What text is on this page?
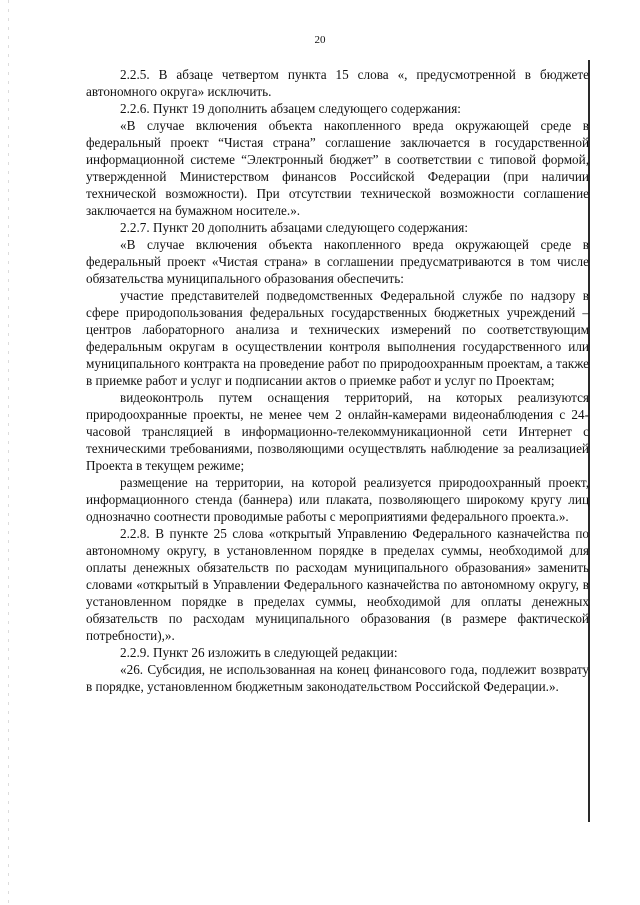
20

2.2.5. В абзаце четвертом пункта 15 слова «, предусмотренной в бюджете автономного округа» исключить.

2.2.6. Пункт 19 дополнить абзацем следующего содержания:

«В случае включения объекта накопленного вреда окружающей среде в федеральный проект “Чистая страна” соглашение заключается в государственной информационной системе “Электронный бюджет” в соответствии с типовой формой, утвержденной Министерством финансов Российской Федерации (при наличии технической возможности). При отсутствии технической возможности соглашение заключается на бумажном носителе.».

2.2.7. Пункт 20 дополнить абзацами следующего содержания:

«В случае включения объекта накопленного вреда окружающей среде в федеральный проект «Чистая страна» в соглашении предусматриваются в том числе обязательства муниципального образования обеспечить:

участие представителей подведомственных Федеральной службе по надзору в сфере природопользования федеральных государственных бюджетных учреждений – центров лабораторного анализа и технических измерений по соответствующим федеральным округам в осуществлении контроля выполнения государственного или муниципального контракта на проведение работ по природоохранным проектам, а также в приемке работ и услуг и подписании актов о приемке работ и услуг по Проектам;

видеоконтроль путем оснащения территорий, на которых реализуются природоохранные проекты, не менее чем 2 онлайн-камерами видеонаблюдения с 24-часовой трансляцией в информационно-телекоммуникационной сети Интернет с техническими требованиями, позволяющими осуществлять наблюдение за реализацией Проекта в текущем режиме;

размещение на территории, на которой реализуется природоохранный проект, информационного стенда (баннера) или плаката, позволяющего широкому кругу лиц однозначно соотнести проводимые работы с мероприятиями федерального проекта.».

2.2.8. В пункте 25 слова «открытый Управлению Федерального казначейства по автономному округу, в установленном порядке в пределах суммы, необходимой для оплаты денежных обязательств по расходам муниципального образования» заменить словами «открытый в Управлении Федерального казначейства по автономному округу, в установленном порядке в пределах суммы, необходимой для оплаты денежных обязательств по расходам муниципального образования (в размере фактической потребности),».

2.2.9. Пункт 26 изложить в следующей редакции:

«26. Субсидия, не использованная на конец финансового года, подлежит возврату в порядке, установленном бюджетным законодательством Российской Федерации.».
